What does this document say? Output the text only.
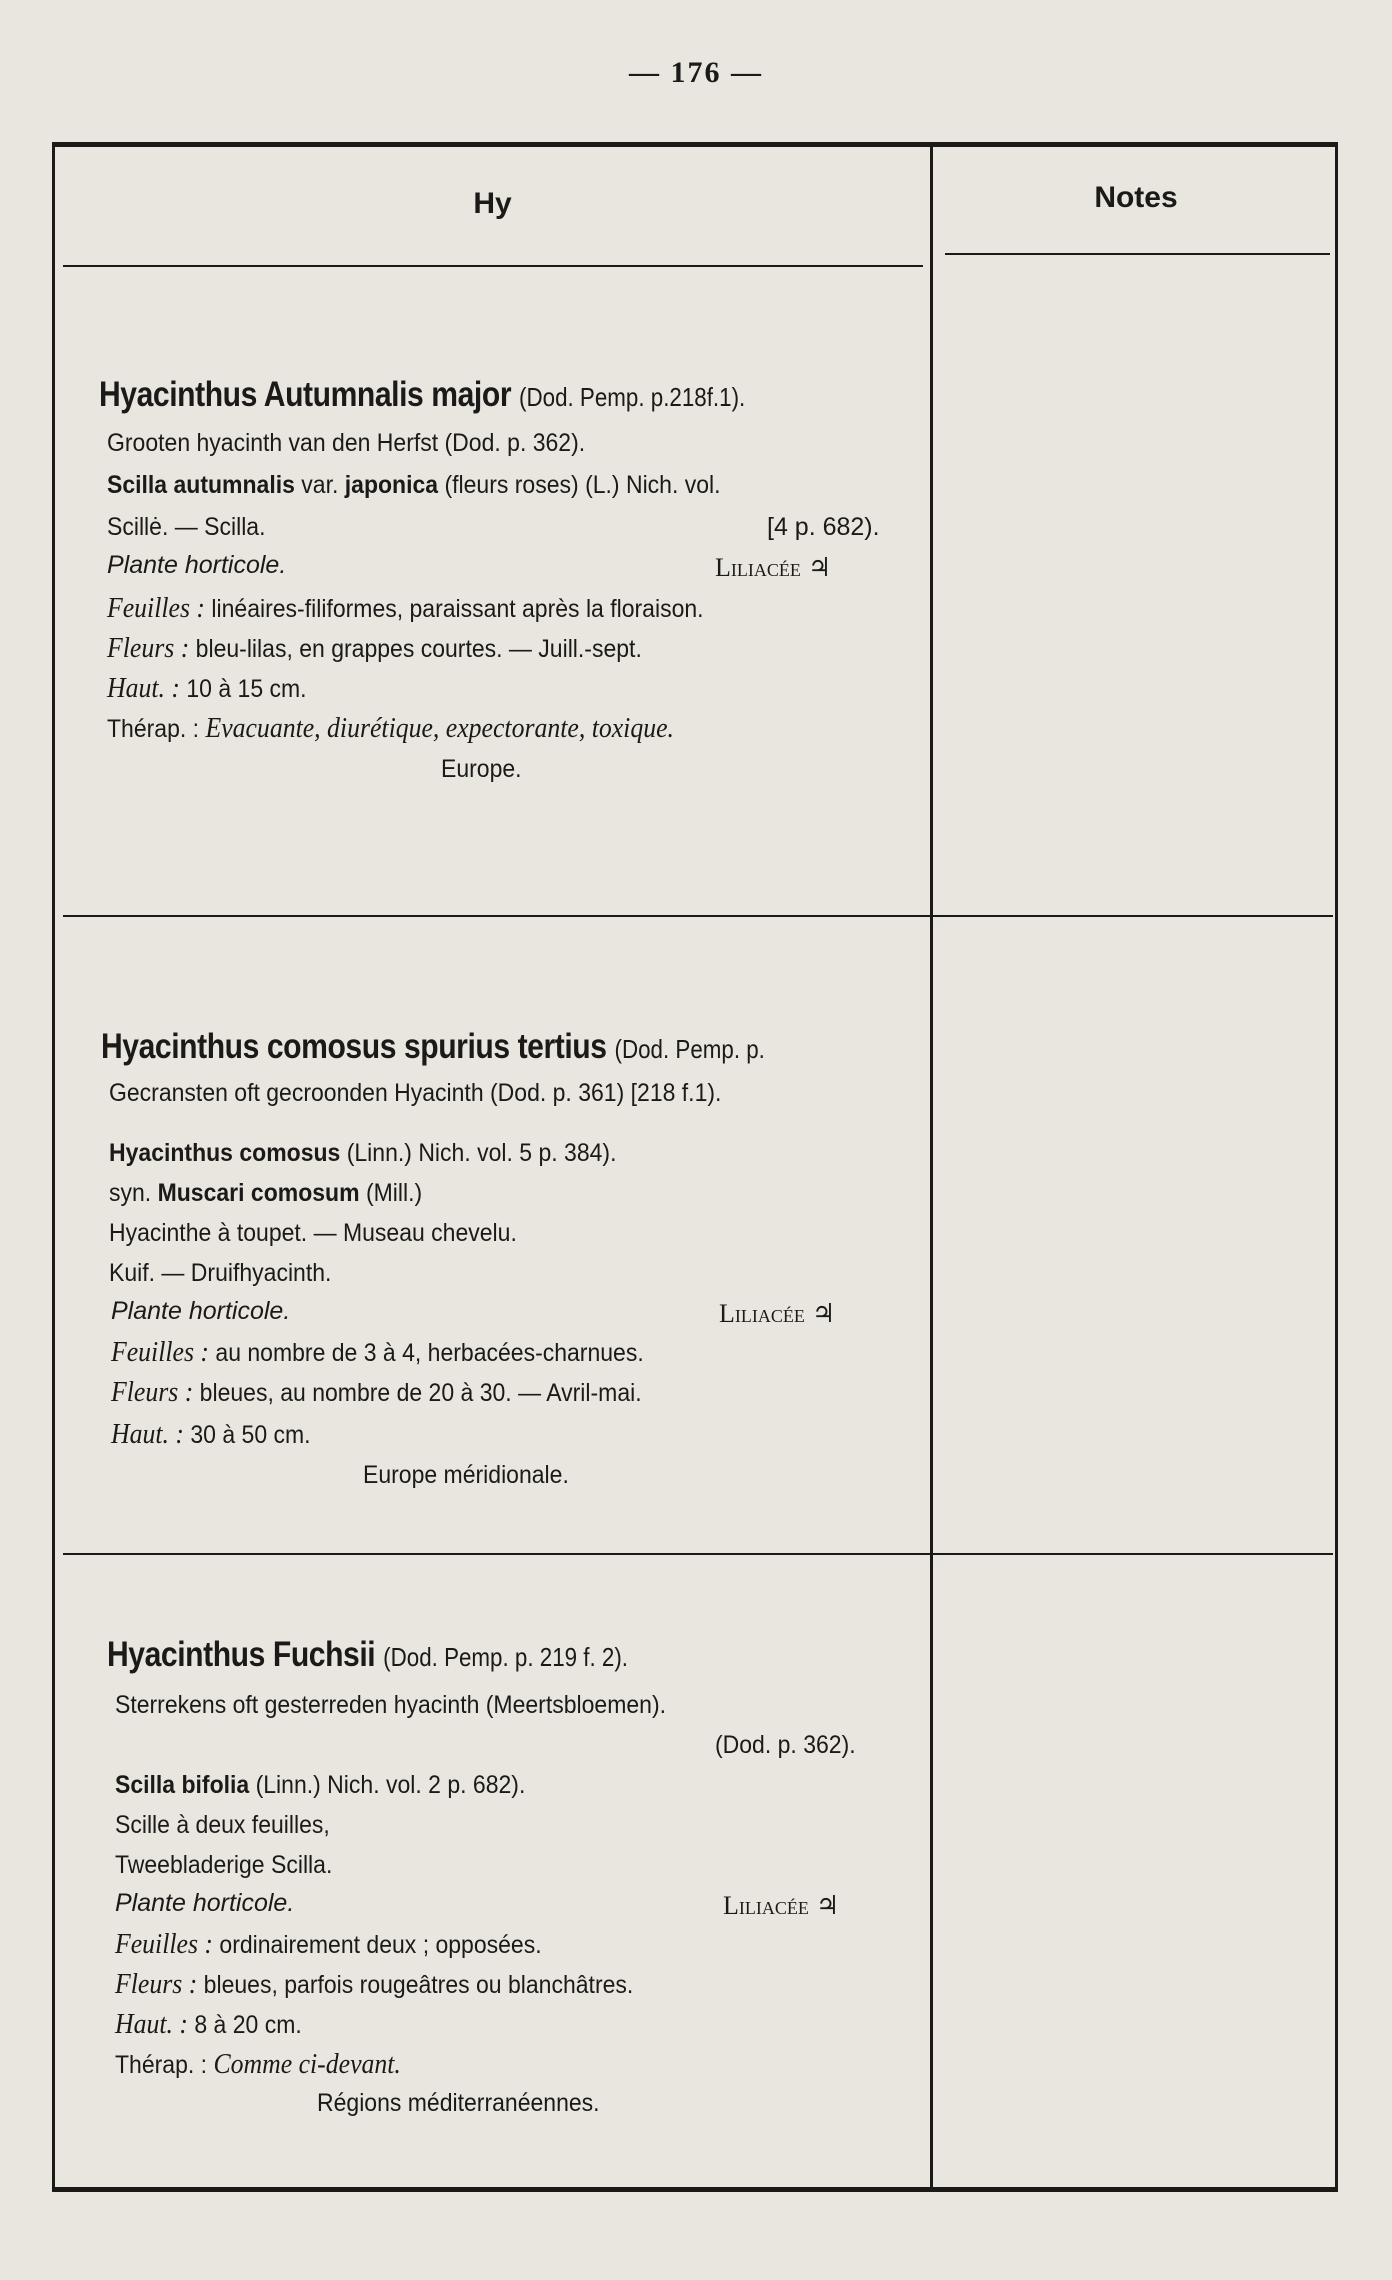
— 176 —
Hy	Notes
Hyacinthus Autumnalis major (Dod. Pemp. p.218f.1).
Grooten hyacinth van den Herfst (Dod. p. 362).
Scilla autumnalis var. japonica (fleurs roses) (L.) Nich. vol.
Scillė. — Scilla.	[4 p. 682).
Plante horticole.	Liliacée ♃
Feuilles : linéaires-filiformes, paraissant après la floraison.
Fleurs : bleu-lilas, en grappes courtes. — Juill.-sept.
Haut. : 10 à 15 cm.
Thérap. : Evacuante, diurétique, expectorante, toxique.
Europe.
Hyacinthus comosus spurius tertius (Dod. Pemp. p.
Gecransten oft gecroonden Hyacinth (Dod. p. 361) [218 f.1).
Hyacinthus comosus (Linn.) Nich. vol. 5 p. 384).
syn. Muscari comosum (Mill.)
Hyacinthe à toupet. — Museau chevelu.
Kuif. — Druifhyacinth.
Plante horticole.	Liliacée ♃
Feuilles : au nombre de 3 à 4, herbacées-charnues.
Fleurs : bleues, au nombre de 20 à 30. — Avril-mai.
Haut. : 30 à 50 cm.
Europe méridionale.
Hyacinthus Fuchsii (Dod. Pemp. p. 219 f. 2).
Sterrekens oft gesterreden hyacinth (Meertsbloemen).
(Dod. p. 362).
Scilla bifolia (Linn.) Nich. vol. 2 p. 682).
Scille à deux feuilles,
Tweebladerige Scilla.
Plante horticole.	Liliacée ♃
Feuilles : ordinairement deux ; opposées.
Fleurs : bleues, parfois rougeâtres ou blanchâtres.
Haut. : 8 à 20 cm.
Thérap. : Comme ci-devant.
Régions méditerranéennes.
